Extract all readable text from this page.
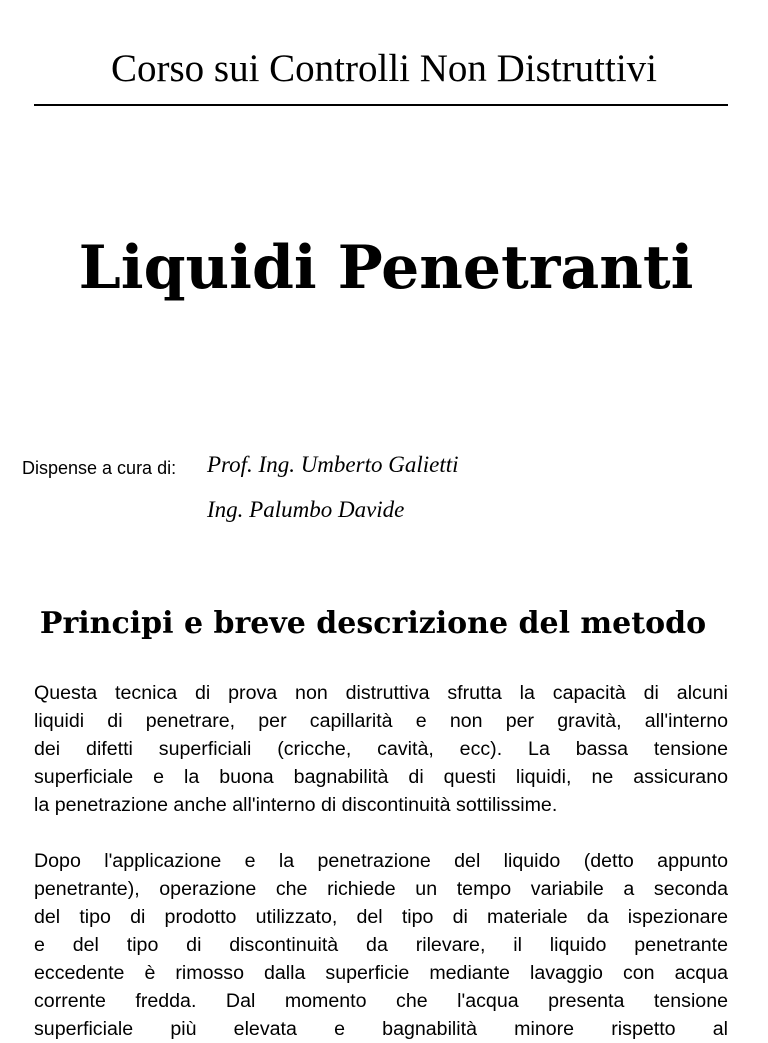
Corso sui Controlli Non Distruttivi
Liquidi Penetranti
Dispense a cura di: Prof. Ing. Umberto Galietti
Ing. Palumbo Davide
Principi e breve descrizione del metodo

Questa tecnica di prova non distruttiva sfrutta la capacità di alcuni
liquidi di penetrare, per capillarità e non per gravità, all'interno
dei difetti superficiali (cricche, cavità, ecc). La bassa tensione
superficiale e la buona bagnabilità di questi liquidi, ne assicurano
la penetrazione anche all'interno di discontinuità sottilissime.

Dopo l'applicazione e la penetrazione del liquido (detto appunto
penetrante), operazione che richiede un tempo variabile a seconda
del tipo di prodotto utilizzato, del tipo di materiale da ispezionare
e del tipo di discontinuità da rilevare, il liquido penetrante
eccedente è rimosso dalla superficie mediante lavaggio con acqua
corrente fredda. Dal momento che l'acqua presenta tensione
superficiale più elevata e bagnabilità minore rispetto al
